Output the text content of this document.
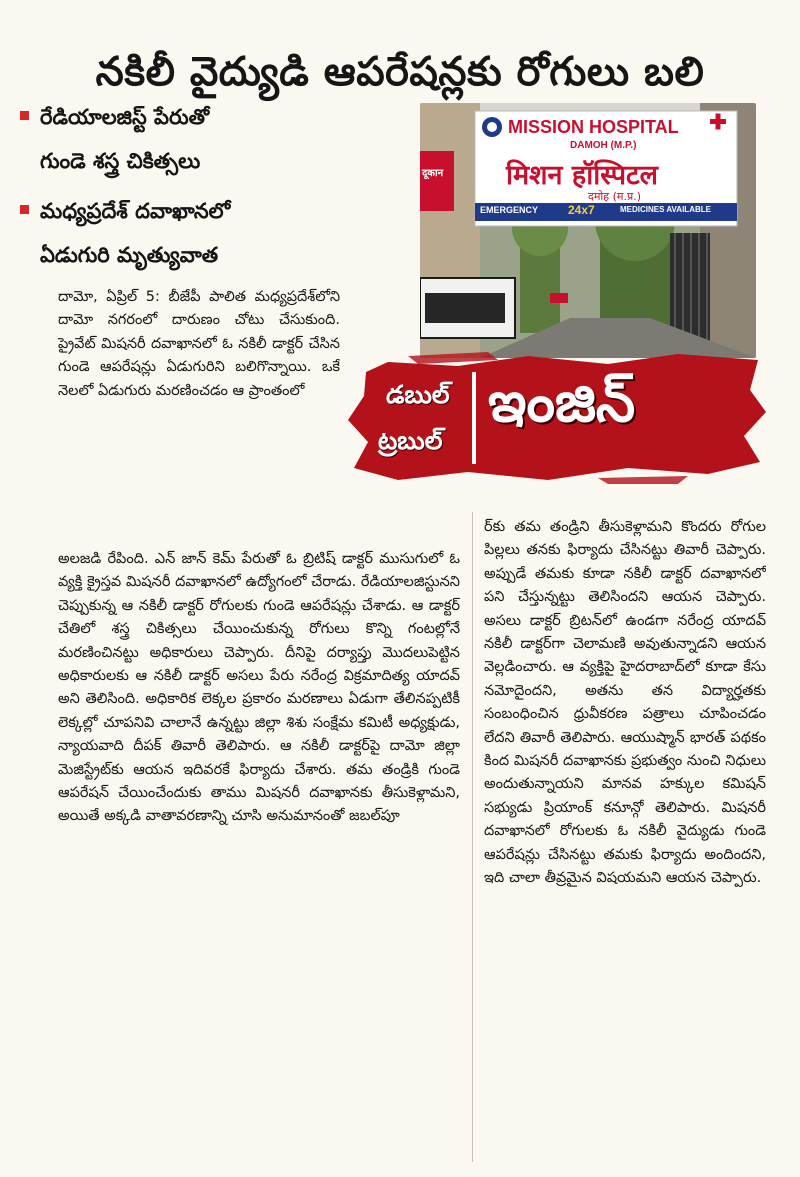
నకిలీ వైద్యుడి ఆపరేషన్లకు రోగులు బలి
రేడియాలజిస్ట్ పేరుతో
గుండె శస్త్ర చికిత్సలు
మధ్యప్రదేశ్ దవాఖానలో
ఏడుగురి మృత్యువాత
MISSION HOSPITAL
DAMOH (M.P.)
मिशन हॉस्पिटल
दमोह (म.प्र.)
EMERGENCY 24x7	MEDICINES AVAILABLE
दूकान
డబుల్
ట్రబుల్
ఇంజిన్
దామో, ఏప్రిల్ 5: బీజేపీ పాలిత మధ్యప్రదేశ్‌లోని దామో నగరంలో దారుణం చోటు చేసుకుంది. ప్రైవేట్ మిషనరీ దవాఖానలో ఓ నకిలీ డాక్టర్ చేసిన గుండె ఆపరేషన్లు ఏడుగురిని బలిగొన్నాయి. ఒకే నెలలో ఏడుగురు మరణించడం ఆ ప్రాంతంలో
అలజడి రేపింది. ఎన్ జాన్ కెమ్ పేరుతో ఓ బ్రిటిష్ డాక్టర్ ముసుగులో ఓ వ్యక్తి క్రైస్తవ మిషనరీ దవాఖానలో ఉద్యోగంలో చేరాడు. రేడియాలజిస్టునని చెప్పుకున్న ఆ నకిలీ డాక్టర్ రోగులకు గుండె ఆపరేషన్లు చేశాడు. ఆ డాక్టర్ చేతిలో శస్త్ర చికిత్సలు చేయించుకున్న రోగులు కొన్ని గంటల్లోనే మరణించినట్టు అధికారులు చెప్పారు. దీనిపై దర్యాప్తు మొదలుపెట్టిన అధికారులకు ఆ నకిలీ డాక్టర్ అసలు పేరు నరేంద్ర విక్రమాదిత్య యాదవ్ అని తెలిసింది. అధికారిక లెక్కల ప్రకారం మరణాలు ఏడుగా తేలినప్పటికీ లెక్కల్లో చూపనివి చాలానే ఉన్నట్టు జిల్లా శిశు సంక్షేమ కమిటీ అధ్యక్షుడు, న్యాయవాది దీపక్ తివారీ తెలిపారు. ఆ నకిలీ డాక్టర్‌పై దామో జిల్లా మెజిస్ట్రేట్‌కు ఆయన ఇదివరకే ఫిర్యాదు చేశారు. తమ తండ్రికి గుండె ఆపరేషన్ చేయించేందుకు తాము మిషనరీ దవాఖానకు తీసుకెళ్లామని, అయితే అక్కడి వాతావరణాన్ని చూసి అనుమానంతో జబల్‌పూ
ర్‌కు తమ తండ్రిని తీసుకెళ్లామని కొందరు రోగుల పిల్లలు తనకు ఫిర్యాదు చేసినట్టు తివారీ చెప్పారు. అప్పుడే తమకు కూడా నకిలీ డాక్టర్ దవాఖానలో పని చేస్తున్నట్టు తెలిసిందని ఆయన చెప్పారు. అసలు డాక్టర్ బ్రిటన్‌లో ఉండగా నరేంద్ర యాదవ్ నకిలీ డాక్టర్‌గా చెలామణి అవుతున్నాడని ఆయన వెల్లడించారు. ఆ వ్యక్తిపై హైదరాబాద్‌లో కూడా కేసు నమోదైందని, అతను తన విద్యార్హతకు సంబంధించిన ధ్రువీకరణ పత్రాలు చూపించడం లేదని తివారీ తెలిపారు. ఆయుష్మాన్ భారత్ పథకం కింద మిషనరీ దవాఖానకు ప్రభుత్వం నుంచి నిధులు అందుతున్నాయని మానవ హక్కుల కమిషన్ సభ్యుడు ప్రియాంక్ కనూన్గో తెలిపారు. మిషనరీ దవాఖానలో రోగులకు ఓ నకిలీ వైద్యుడు గుండె ఆపరేషన్లు చేసినట్టు తమకు ఫిర్యాదు అందిందని, ఇది చాలా తీవ్రమైన విషయమని ఆయన చెప్పారు.
